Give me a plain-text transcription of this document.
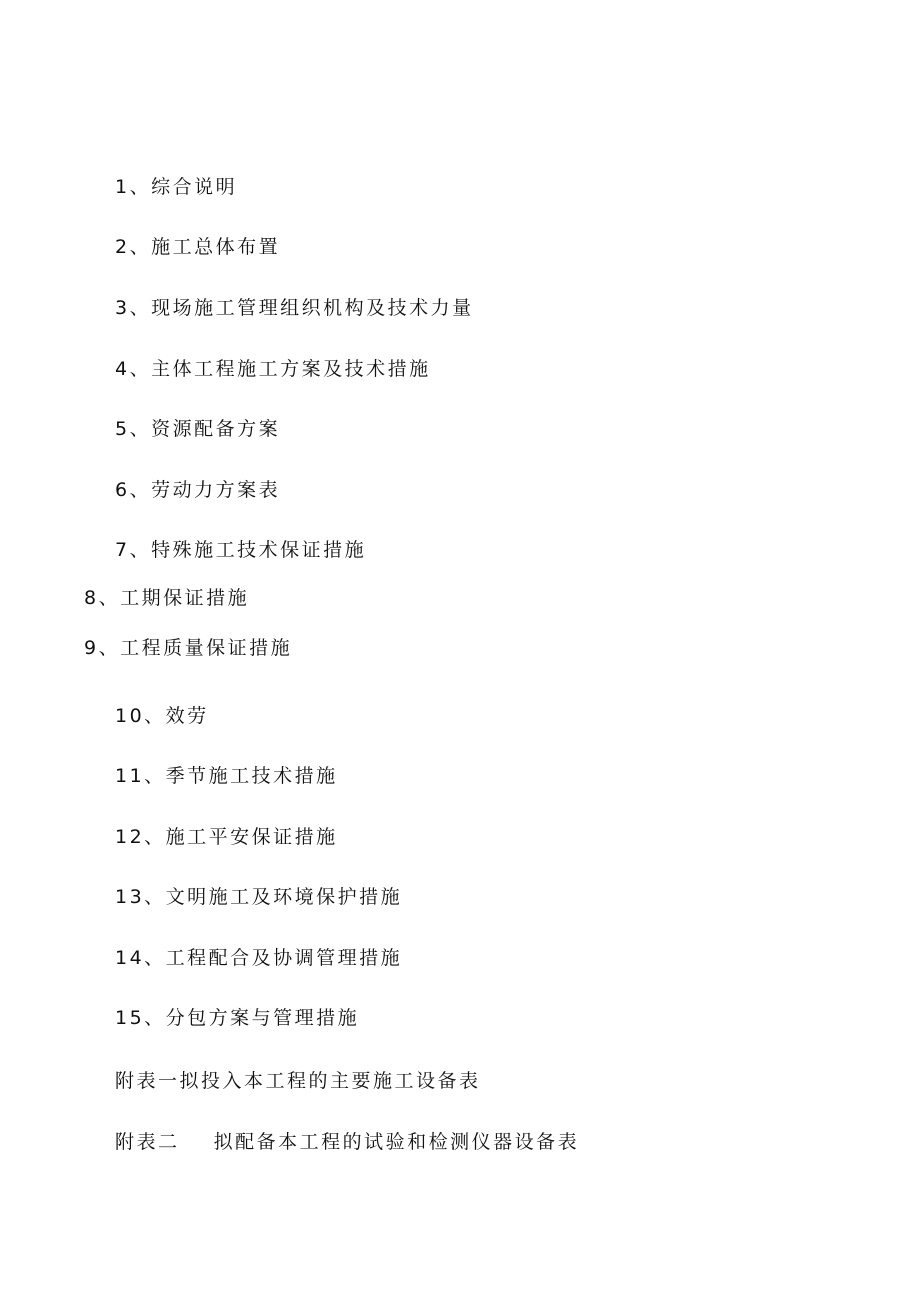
1、综合说明
2、施工总体布置
3、现场施工管理组织机构及技术力量
4、主体工程施工方案及技术措施
5、资源配备方案
6、劳动力方案表
7、特殊施工技术保证措施
8、工期保证措施
9、工程质量保证措施
10、效劳
11、季节施工技术措施
12、施工平安保证措施
13、文明施工及环境保护措施
14、工程配合及协调管理措施
15、分包方案与管理措施
附表一拟投入本工程的主要施工设备表
附表二    拟配备本工程的试验和检测仪器设备表
